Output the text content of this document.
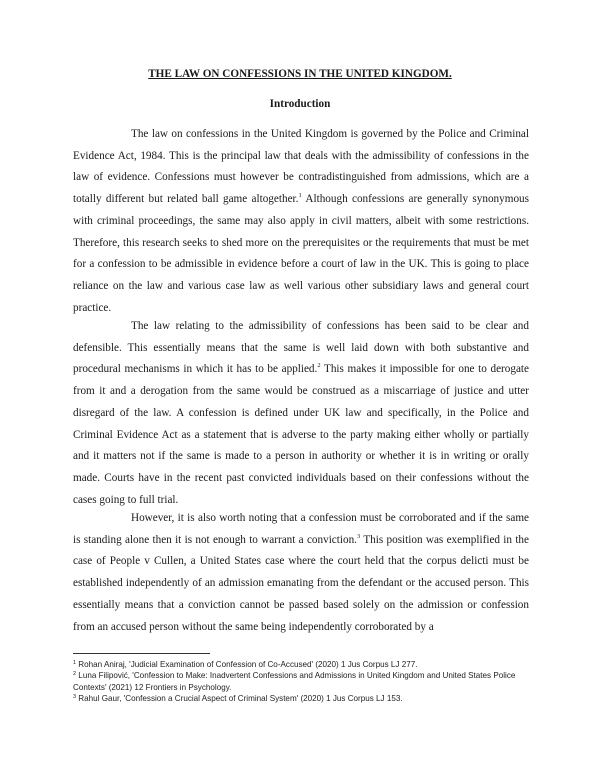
THE LAW ON CONFESSIONS IN THE UNITED KINGDOM.

Introduction

The law on confessions in the United Kingdom is governed by the Police and Criminal Evidence Act, 1984. This is the principal law that deals with the admissibility of confessions in the law of evidence. Confessions must however be contradistinguished from admissions, which are a totally different but related ball game altogether.$^1$ Although confessions are generally synonymous with criminal proceedings, the same may also apply in civil matters, albeit with some restrictions. Therefore, this research seeks to shed more on the prerequisites or the requirements that must be met for a confession to be admissible in evidence before a court of law in the UK. This is going to place reliance on the law and various case law as well various other subsidiary laws and general court practice.

The law relating to the admissibility of confessions has been said to be clear and defensible. This essentially means that the same is well laid down with both substantive and procedural mechanisms in which it has to be applied.$^2$ This makes it impossible for one to derogate from it and a derogation from the same would be construed as a miscarriage of justice and utter disregard of the law. A confession is defined under UK law and specifically, in the Police and Criminal Evidence Act as a statement that is adverse to the party making either wholly or partially and it matters not if the same is made to a person in authority or whether it is in writing or orally made. Courts have in the recent past convicted individuals based on their confessions without the cases going to full trial.

However, it is also worth noting that a confession must be corroborated and if the same is standing alone then it is not enough to warrant a conviction.$^3$ This position was exemplified in the case of People v Cullen, a United States case where the court held that the corpus delicti must be established independently of an admission emanating from the defendant or the accused person. This essentially means that a conviction cannot be passed based solely on the admission or confession from an accused person without the same being independently corroborated by a

$^1$ Rohan Aniraj, 'Judicial Examination of Confession of Co-Accused' (2020) 1 Jus Corpus LJ 277.

$^2$ Luna Filipović, 'Confession to Make: Inadvertent Confessions and Admissions in United Kingdom and United States Police Contexts' (2021) 12 Frontiers in Psychology.

$^3$ Rahul Gaur, 'Confession a Crucial Aspect of Criminal System' (2020) 1 Jus Corpus LJ 153.
